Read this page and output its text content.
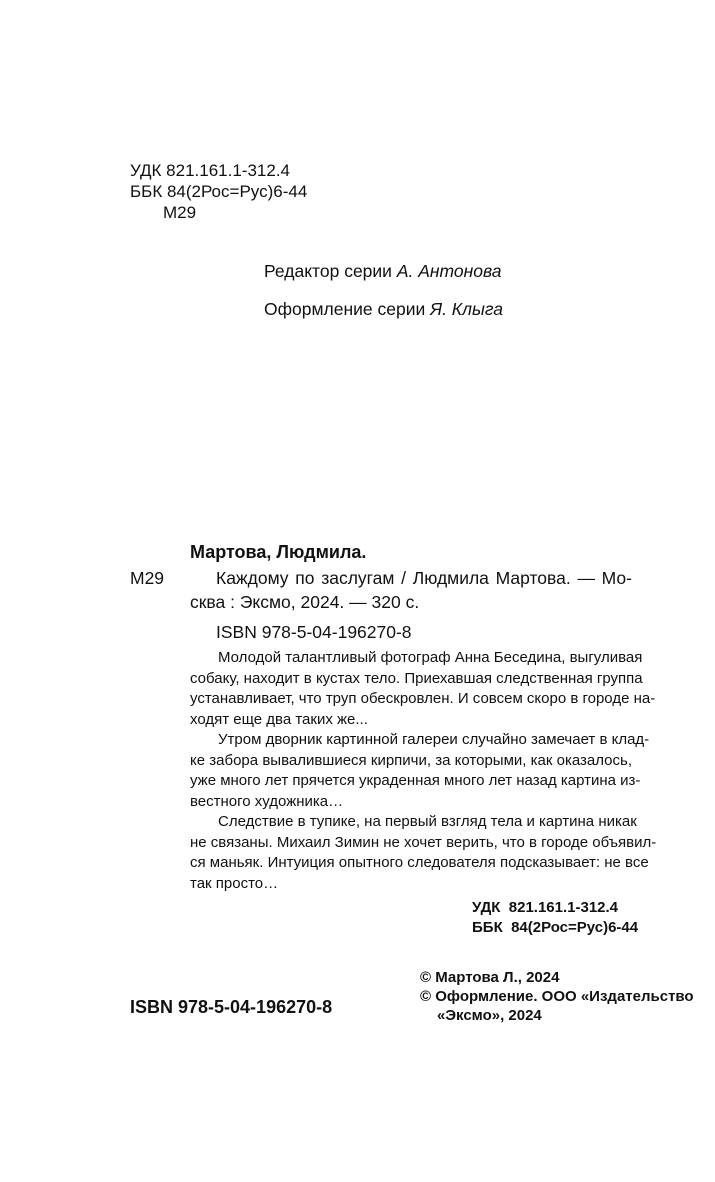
УДК 821.161.1-312.4
ББК 84(2Рос=Рус)6-44
М29
Редактор серии А. Антонова
Оформление серии Я. Клыга
Мартова, Людмила.
М29	Каждому по заслугам / Людмила Мартова. — Мо-
сква : Эксмо, 2024. — 320 с.
ISBN 978-5-04-196270-8
Молодой талантливый фотограф Анна Бесединa, выгуливая
собаку, находит в кустах тело. Приехавшая следственная группа
устанавливает, что труп обескровлен. И совсем скоро в городе на-
ходят еще два таких же...
Утром дворник картинной галереи случайно замечает в клад-
ке забора вывалившиеся кирпичи, за которыми, как оказалось,
уже много лет прячется украденная много лет назад картина из-
вестного художника…
Следствие в тупике, на первый взгляд тела и картина никак
не связаны. Михаил Зимин не хочет верить, что в городе объявил-
ся маньяк. Интуиция опытного следователя подсказывает: не все
так просто…
УДК 821.161.1-312.4
ББК 84(2Рос=Рус)6-44
© Мартова Л., 2024
© Оформление. ООО «Издательство
«Эксмо», 2024
ISBN 978-5-04-196270-8
